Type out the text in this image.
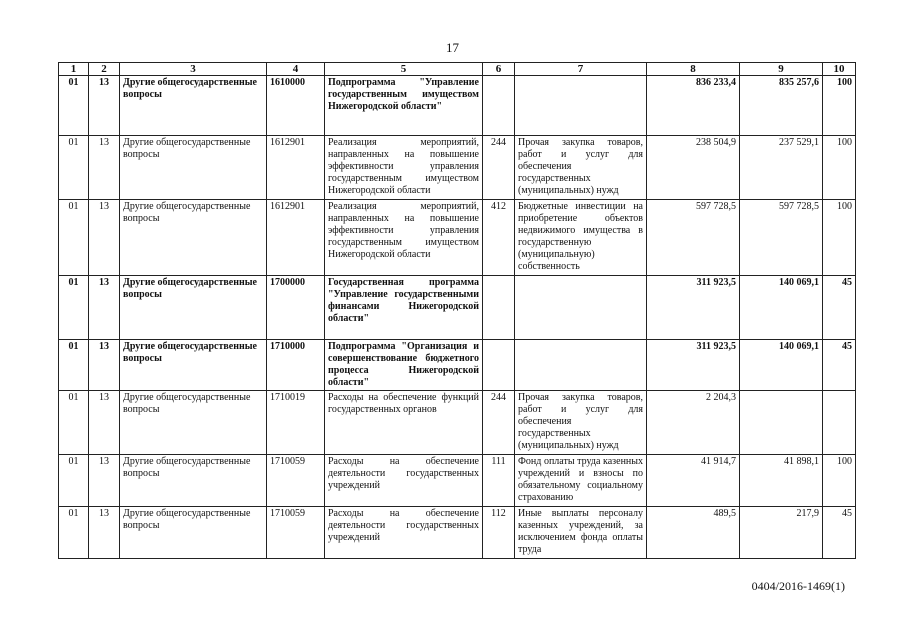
17
1	2	3	4	5	6	7	8	9	10
01	13	Другие общегосударственные вопросы	1610000	Подпрограмма "Управление государственным имуществом Нижегородской области"			836 233,4	835 257,6	100
01	13	Другие общегосударственные вопросы	1612901	Реализация мероприятий, направленных на повышение эффективности управления государственным имуществом Нижегородской области	244	Прочая закупка товаров, работ и услуг для обеспечения государственных (муниципальных) нужд	238 504,9	237 529,1	100
01	13	Другие общегосударственные вопросы	1612901	Реализация мероприятий, направленных на повышение эффективности управления государственным имуществом Нижегородской области	412	Бюджетные инвестиции на приобретение объектов недвижимого имущества в государственную (муниципальную) собственность	597 728,5	597 728,5	100
01	13	Другие общегосударственные вопросы	1700000	Государственная программа "Управление государственными финансами Нижегородской области"			311 923,5	140 069,1	45
01	13	Другие общегосударственные вопросы	1710000	Подпрограмма "Организация и совершенствование бюджетного процесса Нижегородской области"			311 923,5	140 069,1	45
01	13	Другие общегосударственные вопросы	1710019	Расходы на обеспечение функций государственных органов	244	Прочая закупка товаров, работ и услуг для обеспечения государственных (муниципальных) нужд	2 204,3		
01	13	Другие общегосударственные вопросы	1710059	Расходы на обеспечение деятельности государственных учреждений	111	Фонд оплаты труда казенных учреждений и взносы по обязательному социальному страхованию	41 914,7	41 898,1	100
01	13	Другие общегосударственные вопросы	1710059	Расходы на обеспечение деятельности государственных учреждений	112	Иные выплаты персоналу казенных учреждений, за исключением фонда оплаты труда	489,5	217,9	45
0404/2016-1469(1)
